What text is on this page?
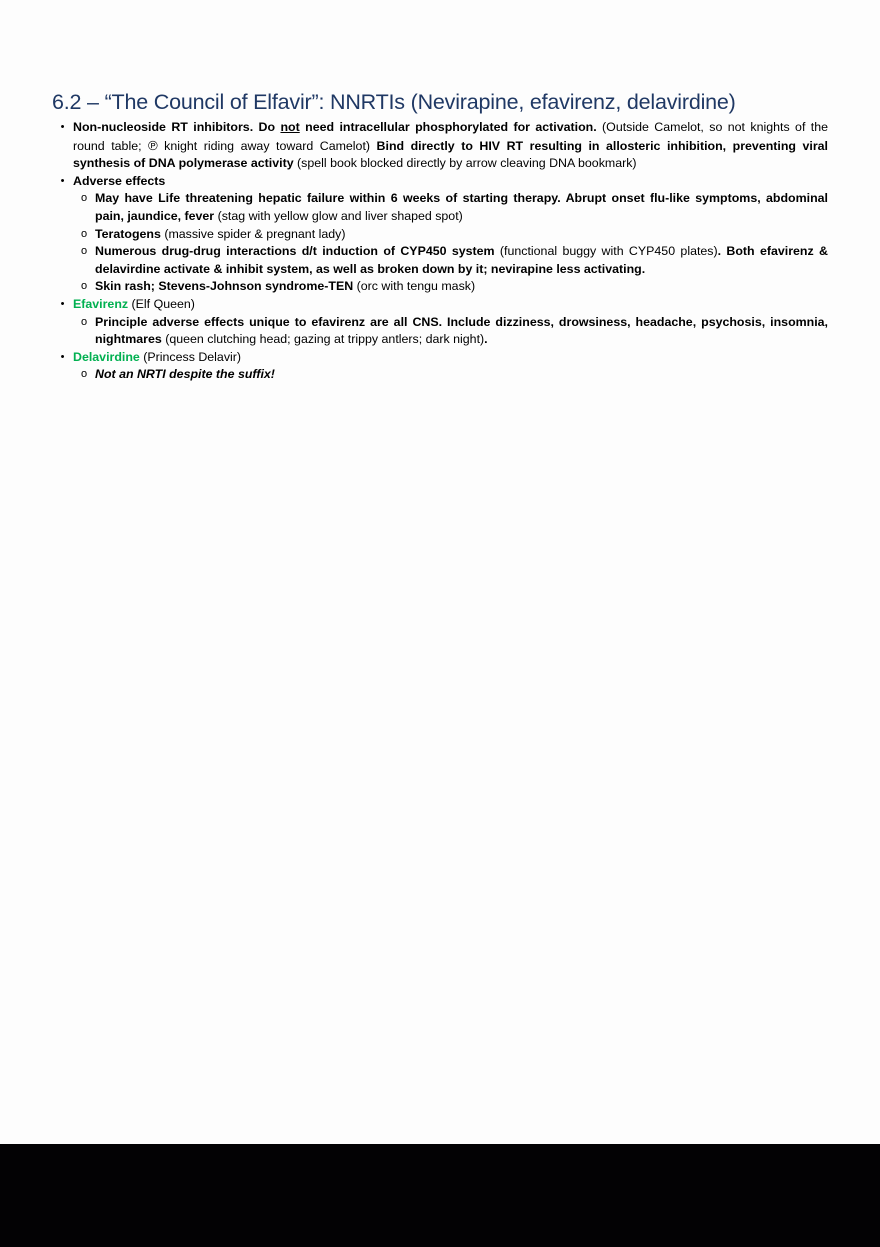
6.2 – “The Council of Elfavir”: NNRTIs (Nevirapine, efavirenz, delavirdine)
• Non-nucleoside RT inhibitors. Do not need intracellular phosphorylated for activation. (Outside Camelot, so not knights of the round table; ℗ knight riding away toward Camelot) Bind directly to HIV RT resulting in allosteric inhibition, preventing viral synthesis of DNA polymerase activity (spell book blocked directly by arrow cleaving DNA bookmark)
• Adverse effects
o May have Life threatening hepatic failure within 6 weeks of starting therapy. Abrupt onset flu-like symptoms, abdominal pain, jaundice, fever (stag with yellow glow and liver shaped spot)
o Teratogens (massive spider & pregnant lady)
o Numerous drug-drug interactions d/t induction of CYP450 system (functional buggy with CYP450 plates). Both efavirenz & delavirdine activate & inhibit system, as well as broken down by it; nevirapine less activating.
o Skin rash; Stevens-Johnson syndrome-TEN (orc with tengu mask)
• Efavirenz (Elf Queen)
o Principle adverse effects unique to efavirenz are all CNS. Include dizziness, drowsiness, headache, psychosis, insomnia, nightmares (queen clutching head; gazing at trippy antlers; dark night).
• Delavirdine (Princess Delavir)
o Not an NRTI despite the suffix!
